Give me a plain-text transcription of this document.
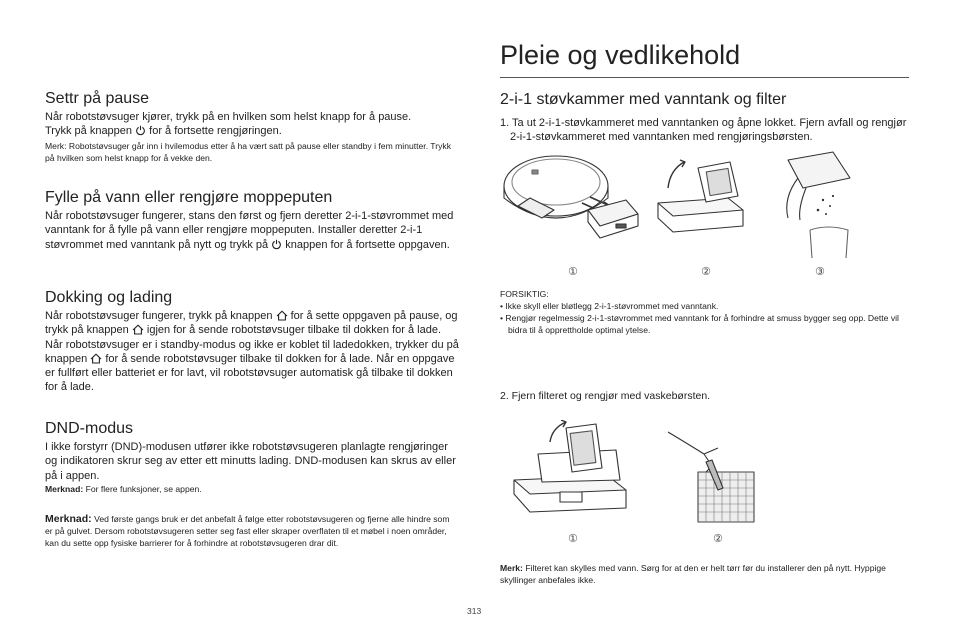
Pleie og vedlikehold
Settr på pause

Når robotstøvsuger kjører, trykk på en hvilken som helst knapp for å pause.

Trykk på knappen for å fortsette rengjøringen.

Merk: Robotstøvsuger går inn i hvilemodus etter å ha vært satt på pause eller standby i fem minutter. Trykk på hvilken som helst knapp for å vekke den.

Fylle på vann eller rengjøre moppeputen

Når robotstøvsuger fungerer, stans den først og fjern deretter 2-i-1-støvrommet med vanntank for å fylle på vann eller rengjøre moppeputen. Installer deretter 2-i-1 støvrommet med vanntank på nytt og trykk på knappen for å fortsette oppgaven.

Dokking og lading

Når robotstøvsuger fungerer, trykk på knappen for å sette oppgaven på pause, og trykk på knappen igjen for å sende robotstøvsuger tilbake til dokken for å lade. Når robotstøvsuger er i standby-modus og ikke er koblet til ladedokken, trykker du på knappen for å sende robotstøvsuger tilbake til dokken for å lade. Når en oppgave er fullført eller batteriet er for lavt, vil robotstøvsuger automatisk gå tilbake til dokken for å lade.

DND-modus

I ikke forstyrr (DND)-modusen utfører ikke robotstøvsugeren planlagte rengjøringer og indikatoren skrur seg av etter ett minutts lading. DND-modusen kan skrus av eller på i appen.

Merknad: For flere funksjoner, se appen.

Merknad: Ved første gangs bruk er det anbefalt å følge etter robotstøvsugeren og fjerne alle hindre som er på gulvet. Dersom robotstøvsugeren setter seg fast eller skraper overflaten til et møbel i noen områder, kan du sette opp fysiske barrierer for å forhindre at robotstøvsugeren drar dit.

2-i-1 støvkammer med vanntank og filter

1. Ta ut 2-i-1-støvkammeret med vanntanken og åpne lokket. Fjern avfall og rengjør 2-i-1-støvkammeret med vanntanken med rengjøringsbørsten.

①	②	③

FORSIKTIG:

• Ikke skyll eller bløtlegg 2-i-1-støvrommet med vanntank.

• Rengjør regelmessig 2-i-1-støvrommet med vanntank for å forhindre at smuss bygger seg opp. Dette vil bidra til å opprettholde optimal ytelse.

2. Fjern filteret og rengjør med vaskebørsten.

①	②

Merk: Filteret kan skylles med vann. Sørg for at den er helt tørr før du installerer den på nytt. Hyppige skyllinger anbefales ikke.

313
